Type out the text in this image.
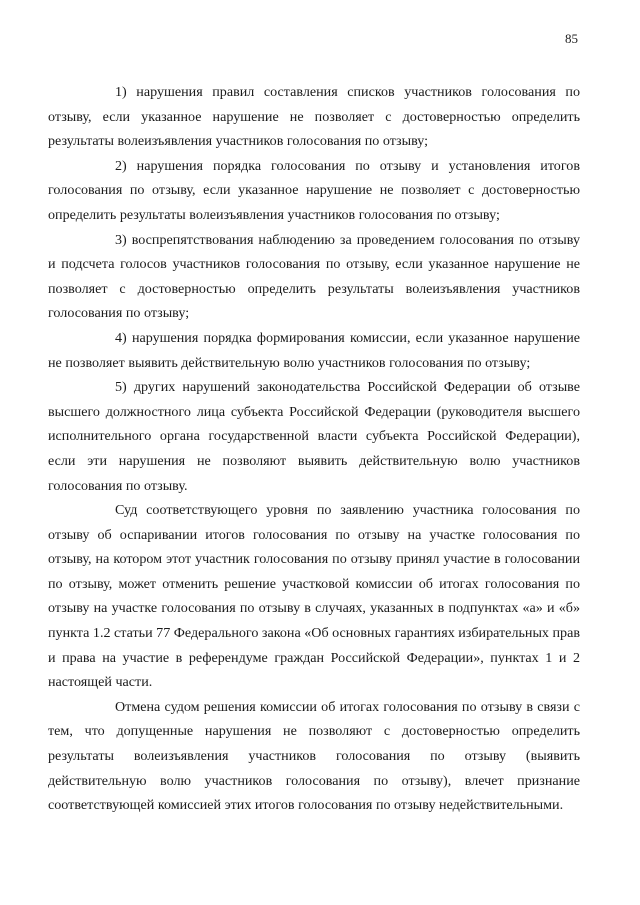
85

1) нарушения правил составления списков участников голосования по отзыву, если указанное нарушение не позволяет с достоверностью определить результаты волеизъявления участников голосования по отзыву;

2) нарушения порядка голосования по отзыву и установления итогов голосования по отзыву, если указанное нарушение не позволяет с достоверностью определить результаты волеизъявления участников голосования по отзыву;

3) воспрепятствования наблюдению за проведением голосования по отзыву и подсчета голосов участников голосования по отзыву, если указанное нарушение не позволяет с достоверностью определить результаты волеизъявления участников голосования по отзыву;

4) нарушения порядка формирования комиссии, если указанное нарушение не позволяет выявить действительную волю участников голосования по отзыву;

5) других нарушений законодательства Российской Федерации об отзыве высшего должностного лица субъекта Российской Федерации (руководителя высшего исполнительного органа государственной власти субъекта Российской Федерации), если эти нарушения не позволяют выявить действительную волю участников голосования по отзыву.

Суд соответствующего уровня по заявлению участника голосования по отзыву об оспаривании итогов голосования по отзыву на участке голосования по отзыву, на котором этот участник голосования по отзыву принял участие в голосовании по отзыву, может отменить решение участковой комиссии об итогах голосования по отзыву на участке голосования по отзыву в случаях, указанных в подпунктах «а» и «б» пункта 1.2 статьи 77 Федерального закона «Об основных гарантиях избирательных прав и права на участие в референдуме граждан Российской Федерации», пунктах 1 и 2 настоящей части.

Отмена судом решения комиссии об итогах голосования по отзыву в связи с тем, что допущенные нарушения не позволяют с достоверностью определить результаты волеизъявления участников голосования по отзыву (выявить действительную волю участников голосования по отзыву), влечет признание соответствующей комиссией этих итогов голосования по отзыву недействительными.
